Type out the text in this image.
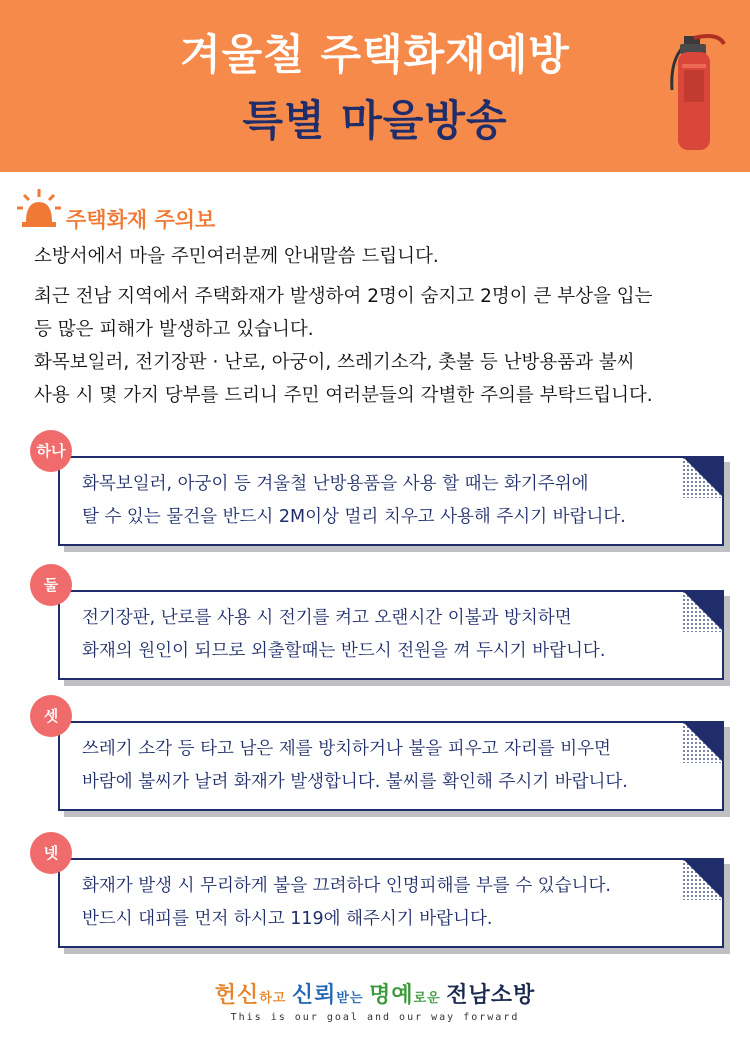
겨울철 주택화재예방
특별 마을방송
주택화재 주의보
소방서에서 마을 주민여러분께 안내말씀 드립니다.
최근 전남 지역에서 주택화재가 발생하여 2명이 숨지고 2명이 큰 부상을 입는
등 많은 피해가 발생하고 있습니다.
화목보일러, 전기장판 · 난로, 아궁이, 쓰레기소각, 촛불 등 난방용품과 불씨
사용 시 몇 가지 당부를 드리니 주민 여러분들의 각별한 주의를 부탁드립니다.
화목보일러, 아궁이 등 겨울철 난방용품을 사용 할 때는 화기주위에
탈 수 있는 물건을 반드시 2M이상 멀리 치우고 사용해 주시기 바랍니다.
하나
전기장판, 난로를 사용 시 전기를 켜고 오랜시간 이불과 방치하면
화재의 원인이 되므로 외출할때는 반드시 전원을 껴 두시기 바랍니다.
둘
쓰레기 소각 등 타고 남은 제를 방치하거나 불을 피우고 자리를 비우면
바람에 불씨가 날려 화재가 발생합니다. 불씨를 확인해 주시기 바랍니다.
셋
화재가 발생 시 무리하게 불을 끄려하다 인명피해를 부를 수 있습니다.
반드시 대피를 먼저 하시고 119에 해주시기 바랍니다.
넷
헌신하고 신뢰받는 명예로운 전남소방
This is our goal and our way forward
